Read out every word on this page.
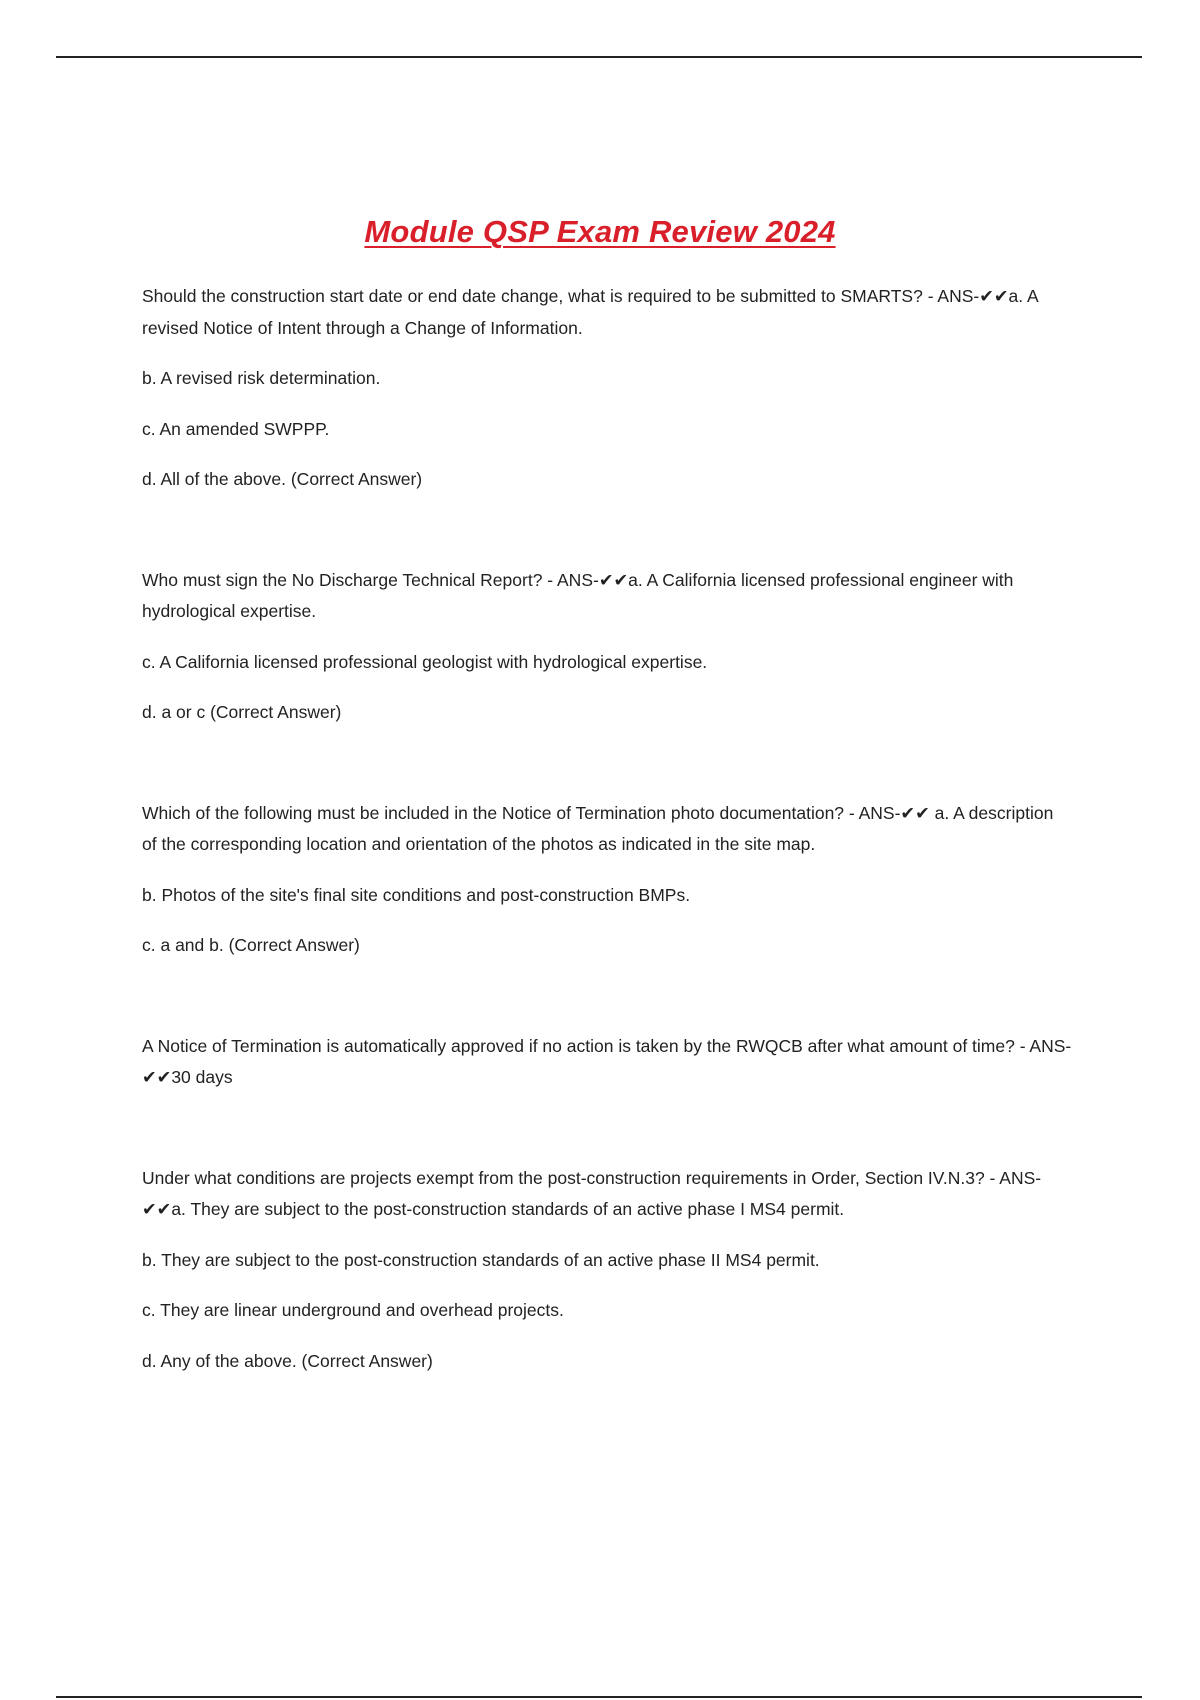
Module QSP Exam Review 2024

Should the construction start date or end date change, what is required to be submitted to SMARTS? - ANS-✔✔a. A revised Notice of Intent through a Change of Information.

b. A revised risk determination.

c. An amended SWPPP.

d. All of the above. (Correct Answer)

Who must sign the No Discharge Technical Report? - ANS-✔✔a. A California licensed professional engineer with hydrological expertise.

c. A California licensed professional geologist with hydrological expertise.

d. a or c (Correct Answer)

Which of the following must be included in the Notice of Termination photo documentation? - ANS-✔✔ a. A description of the corresponding location and orientation of the photos as indicated in the site map.

b. Photos of the site's final site conditions and post-construction BMPs.

c. a and b. (Correct Answer)

A Notice of Termination is automatically approved if no action is taken by the RWQCB after what amount of time? - ANS-✔✔30 days

Under what conditions are projects exempt from the post-construction requirements in Order, Section IV.N.3? - ANS-✔✔a. They are subject to the post-construction standards of an active phase I MS4 permit.

b. They are subject to the post-construction standards of an active phase II MS4 permit.

c. They are linear underground and overhead projects.

d. Any of the above. (Correct Answer)
